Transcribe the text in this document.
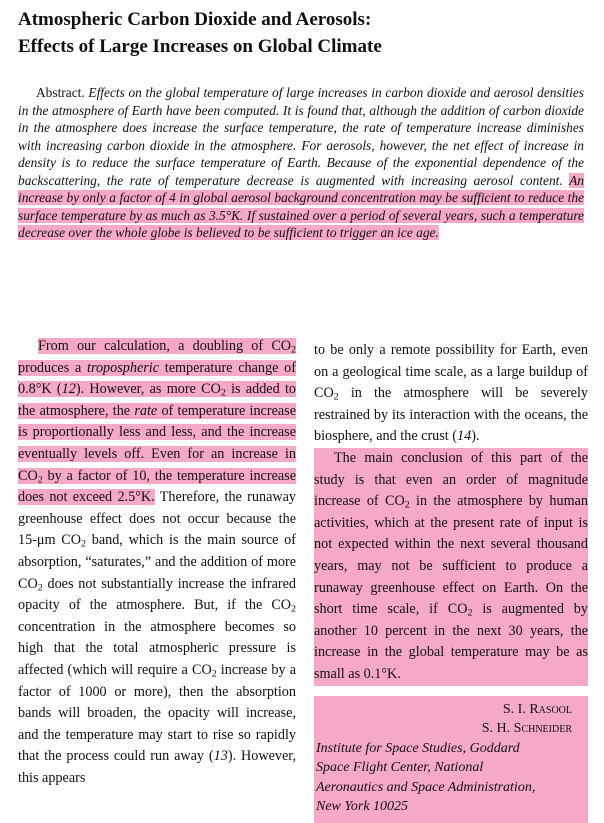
Atmospheric Carbon Dioxide and Aerosols:
Effects of Large Increases on Global Climate
Abstract. Effects on the global temperature of large increases in carbon dioxide and aerosol densities in the atmosphere of Earth have been computed. It is found that, although the addition of carbon dioxide in the atmosphere does increase the surface temperature, the rate of temperature increase diminishes with increasing carbon dioxide in the atmosphere. For aerosols, however, the net effect of increase in density is to reduce the surface temperature of Earth. Because of the exponential dependence of the backscattering, the rate of temperature decrease is augmented with increasing aerosol content. An increase by only a factor of 4 in global aerosol background concentration may be sufficient to reduce the surface temperature by as much as 3.5°K. If sustained over a period of several years, such a temperature decrease over the whole globe is believed to be sufficient to trigger an ice age.

From our calculation, a doubling of $CO_2$ produces a tropospheric temperature change of 0.8°K (12). However, as more $CO_2$ is added to the atmosphere, the rate of temperature increase is proportionally less and less, and the increase eventually levels off. Even for an increase in $CO_2$ by a factor of 10, the temperature increase does not exceed 2.5°K. Therefore, the runaway greenhouse effect does not occur because the 15-μm $CO_2$ band, which is the main source of absorption, “saturates,” and the addition of more $CO_2$ does not substantially increase the infrared opacity of the atmosphere. But, if the $CO_2$ concentration in the atmosphere becomes so high that the total atmospheric pressure is affected (which will require a $CO_2$ increase by a factor of 1000 or more), then the absorption bands will broaden, the opacity will increase, and the temperature may start to rise so rapidly that the process could run away (13). However, this appears

to be only a remote possibility for Earth, even on a geological time scale, as a large buildup of $CO_2$ in the atmosphere will be severely restrained by its interaction with the oceans, the biosphere, and the crust (14).

The main conclusion of this part of the study is that even an order of magnitude increase of $CO_2$ in the atmosphere by human activities, which at the present rate of input is not expected within the next several thousand years, may not be sufficient to produce a runaway greenhouse effect on Earth. On the short time scale, if $CO_2$ is augmented by another 10 percent in the next 30 years, the increase in the global temperature may be as small as 0.1°K.

S. I. Rasool
S. H. Schneider
Institute for Space Studies, Goddard
Space Flight Center, National
Aeronautics and Space Administration,
New York 10025
